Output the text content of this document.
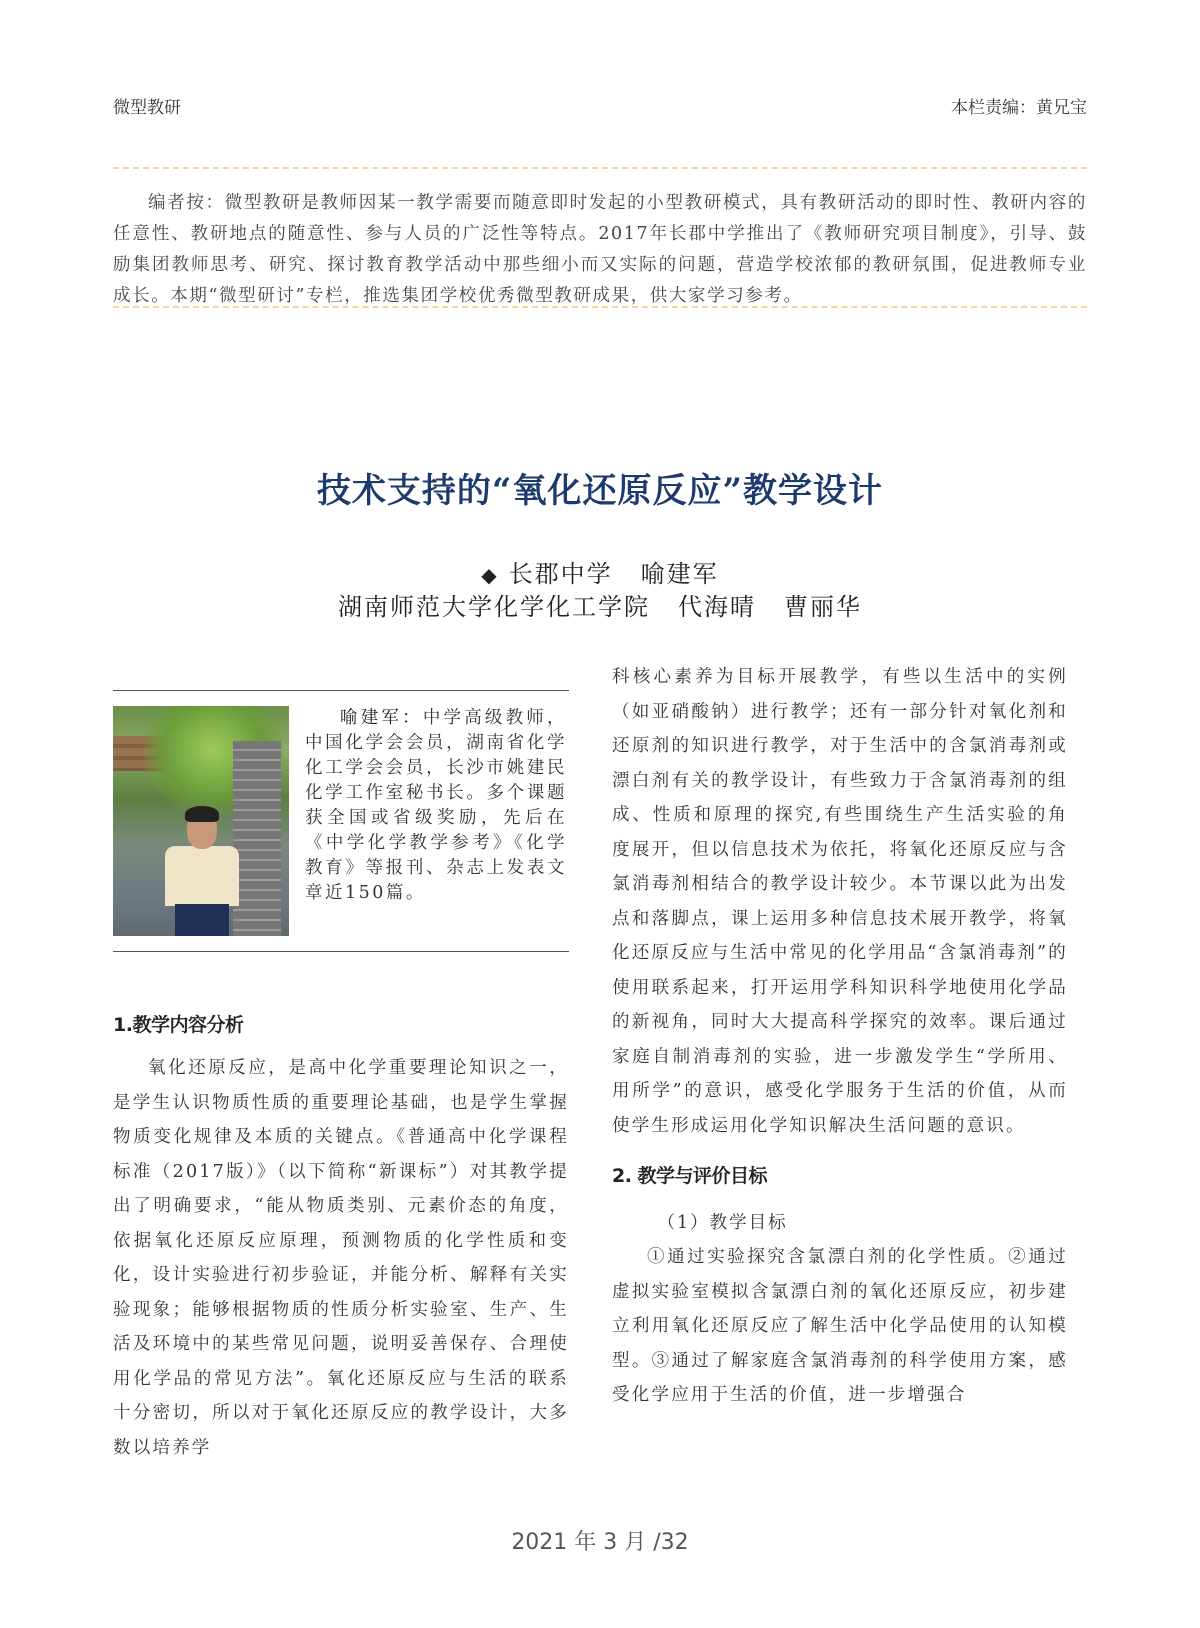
微型教研	本栏责编：黄兄宝

编者按：微型教研是教师因某一教学需要而随意即时发起的小型教研模式，具有教研活动的即时性、教研内容的任意性、教研地点的随意性、参与人员的广泛性等特点。2017年长郡中学推出了《教师研究项目制度》，引导、鼓励集团教师思考、研究、探讨教育教学活动中那些细小而又实际的问题，营造学校浓郁的教研氛围，促进教师专业成长。本期“微型研讨”专栏，推选集团学校优秀微型教研成果，供大家学习参考。

技术支持的“氧化还原反应”教学设计
◆ 长郡中学 喻建军
湖南师范大学化学化工学院 代海晴 曹丽华
喻建军：中学高级教师，中国化学会会员，湖南省化学化工学会会员，长沙市姚建民化学工作室秘书长。多个课题获全国或省级奖励，先后在《中学化学教学参考》《化学教育》等报刊、杂志上发表文章近150篇。
1.教学内容分析

氧化还原反应，是高中化学重要理论知识之一，是学生认识物质性质的重要理论基础，也是学生掌握物质变化规律及本质的关键点。《普通高中化学课程标准（2017版）》（以下简称“新课标”）对其教学提出了明确要求，“能从物质类别、元素价态的角度，依据氧化还原反应原理，预测物质的化学性质和变化，设计实验进行初步验证，并能分析、解释有关实验现象；能够根据物质的性质分析实验室、生产、生活及环境中的某些常见问题，说明妥善保存、合理使用化学品的常见方法”。氧化还原反应与生活的联系十分密切，所以对于氧化还原反应的教学设计，大多数以培养学

科核心素养为目标开展教学，有些以生活中的实例（如亚硝酸钠）进行教学；还有一部分针对氧化剂和还原剂的知识进行教学，对于生活中的含氯消毒剂或漂白剂有关的教学设计，有些致力于含氯消毒剂的组成、性质和原理的探究,有些围绕生产生活实验的角度展开，但以信息技术为依托，将氧化还原反应与含氯消毒剂相结合的教学设计较少。本节课以此为出发点和落脚点，课上运用多种信息技术展开教学，将氧化还原反应与生活中常见的化学用品“含氯消毒剂”的使用联系起来，打开运用学科知识科学地使用化学品的新视角，同时大大提高科学探究的效率。课后通过家庭自制消毒剂的实验，进一步激发学生“学所用、用所学”的意识，感受化学服务于生活的价值，从而使学生形成运用化学知识解决生活问题的意识。

2. 教学与评价目标

（1）教学目标

①通过实验探究含氯漂白剂的化学性质。②通过虚拟实验室模拟含氯漂白剂的氧化还原反应，初步建立利用氧化还原反应了解生活中化学品使用的认知模型。③通过了解家庭含氯消毒剂的科学使用方案，感受化学应用于生活的价值，进一步增强合

2021 年 3 月 /32
